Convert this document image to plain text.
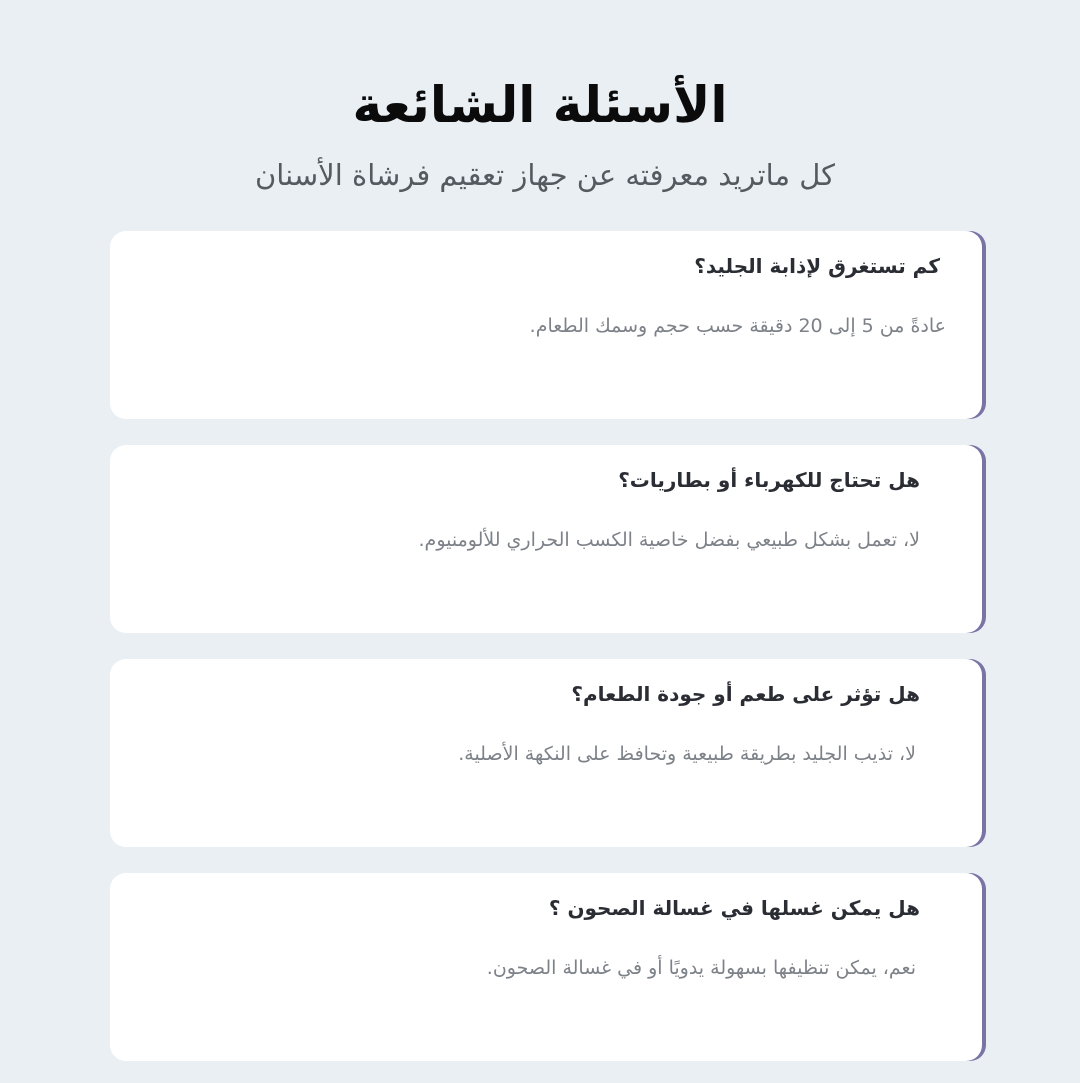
الأسئلة الشائعة
كل ماتريد معرفته عن جهاز تعقيم فرشاة الأسنان

كم تستغرق لإذابة الجليد؟

عادةً من 5 إلى 20 دقيقة حسب حجم وسمك الطعام.

هل تحتاج للكهرباء أو بطاريات؟

لا، تعمل بشكل طبيعي بفضل خاصية الكسب الحراري للألومنيوم.

هل تؤثر على طعم أو جودة الطعام؟

لا، تذيب الجليد بطريقة طبيعية وتحافظ على النكهة الأصلية.

هل يمكن غسلها في غسالة الصحون ؟

نعم، يمكن تنظيفها بسهولة يدويًا أو في غسالة الصحون.
